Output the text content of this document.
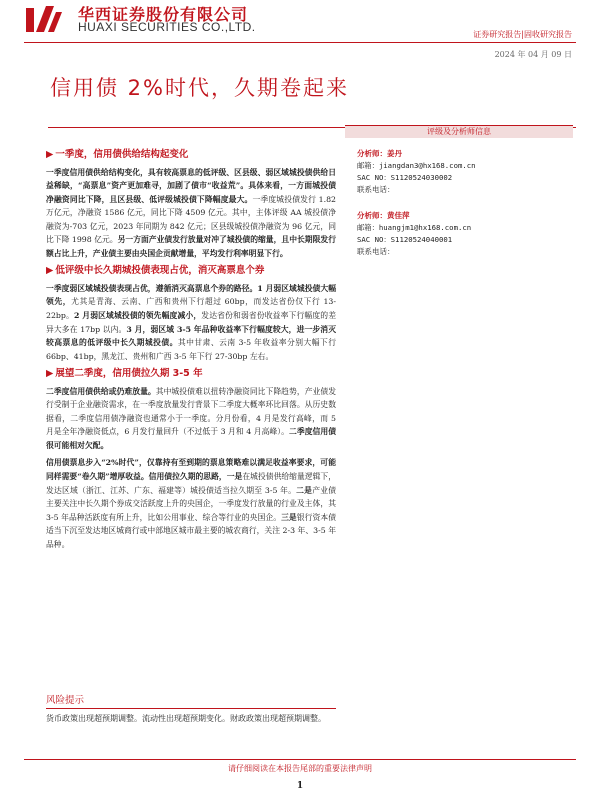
华西证券股份有限公司
HUAXI SECURITIES CO.,LTD.
证券研究报告|固收研究报告
2024 年 04 月 09 日
信用债 2%时代，久期卷起来
▶ 一季度，信用债供给结构起变化
一季度信用债供给结构变化，具有较高票息的低评级、区县级、弱区域城投债供给日益稀缺，“高票息”资产更加难寻，加剧了债市“收益荒”。具体来看，一方面城投债净融资同比下降，且区县级、低评级城投债下降幅度最大。一季度城投债发行 1.82 万亿元，净融资 1586 亿元，同比下降 4509 亿元。其中，主体评级 AA 城投债净融资为-703 亿元，2023 年同期为 842 亿元；区县级城投债净融资为 96 亿元，同比下降 1998 亿元。另一方面产业债发行放量对冲了城投债的缩量，且中长期限发行额占比上升，产业债主要由央国企贡献增量，平均发行利率明显下行。
▶ 低评级中长久期城投债表现占优，消灭高票息个券
一季度弱区域城投债表现占优，遵循消灭高票息个券的路径。1 月弱区域城投债大幅领先，尤其是青海、云南、广西和贵州下行超过 60bp，而发达省份仅下行 13-22bp。2 月弱区域城投债的领先幅度减小，发达省份和弱省份收益率下行幅度的差异大多在 17bp 以内。3 月，弱区域 3-5 年品种收益率下行幅度较大，进一步消灭较高票息的低评级中长久期城投债。其中甘肃、云南 3-5 年收益率分别大幅下行 66bp、41bp，黑龙江、贵州和广西 3-5 年下行 27-30bp 左右。
▶ 展望二季度，信用债拉久期 3-5 年
二季度信用债供给或仍难放量。其中城投债难以扭转净融资同比下降趋势，产业债发行受制于企业融资需求，在一季度放量发行背景下二季度大概率环比回落。从历史数据看，二季度信用债净融资也通常小于一季度。分月份看，4 月是发行高峰，而 5 月是全年净融资低点，6 月发行量回升（不过低于 3 月和 4 月高峰）。二季度信用债很可能相对欠配。
信用债票息步入“2%时代”，仅靠持有至到期的票息策略难以满足收益率要求，可能同样需要“卷久期”增厚收益。信用债拉久期的思路，一是在城投债供给缩量逻辑下，发达区域（浙江、江苏、广东、福建等）城投债适当拉久期至 3-5 年。二是产业债主要关注中长久期个券成交活跃度上升的央国企，一季度发行放量的行业及主体，其 3-5 年品种活跃度有所上升，比如公用事业、综合等行业的央国企。三是银行资本债适当下沉至发达地区城商行或中部地区城市最主要的城农商行，关注 2-3 年、3-5 年品种。
评级及分析师信息
分析师：姜丹
邮箱：jiangdan3@hx168.com.cn
SAC NO：S1120524030002
联系电话：
分析师：黄佳萍
邮箱：huangjm1@hx168.com.cn
SAC NO：S1120524040001
联系电话：
风险提示
货币政策出现超预期调整。流动性出现超预期变化。财政政策出现超预期调整。
请仔细阅读在本报告尾部的重要法律声明
1
